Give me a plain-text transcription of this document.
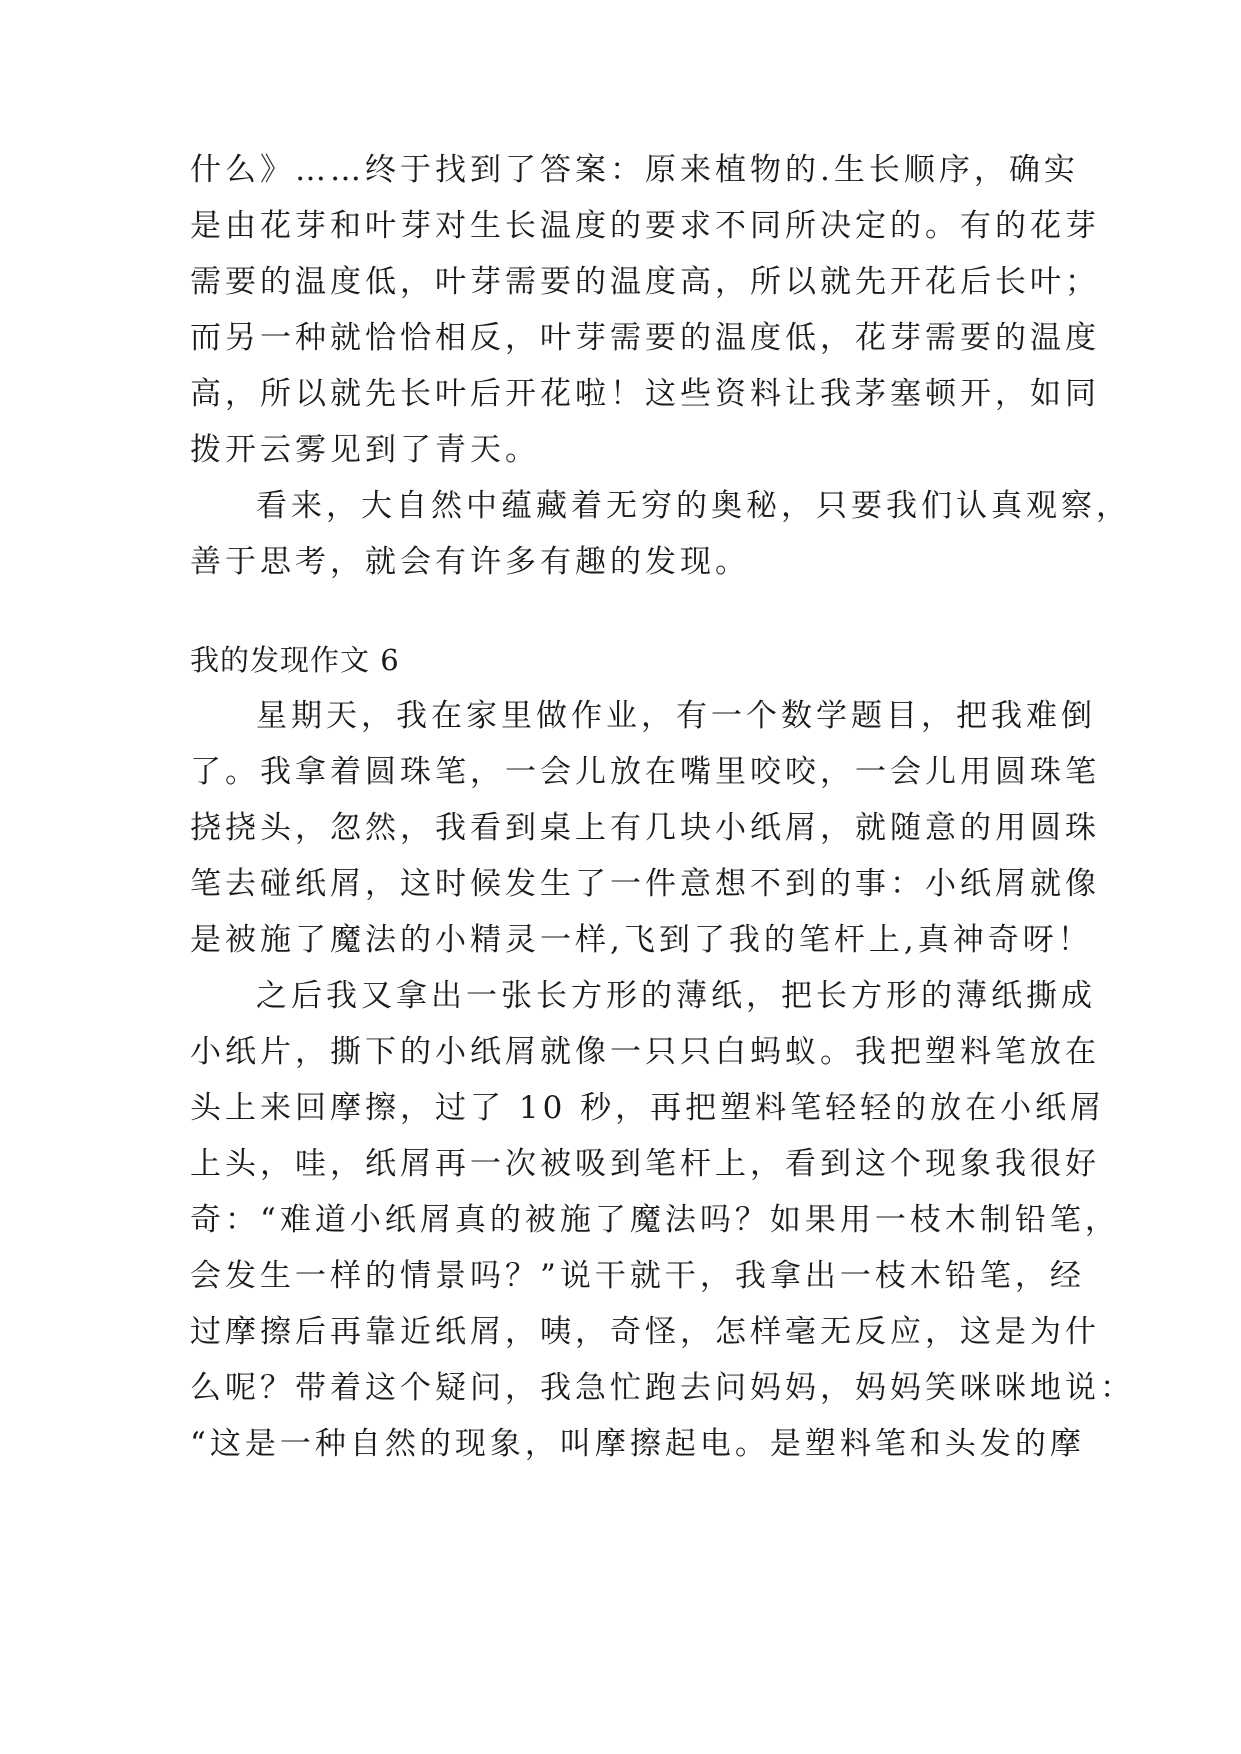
什么》……终于找到了答案：原来植物的.生长顺序，确实
是由花芽和叶芽对生长温度的要求不同所决定的。有的花芽
需要的温度低，叶芽需要的温度高，所以就先开花后长叶；
而另一种就恰恰相反，叶芽需要的温度低，花芽需要的温度
高，所以就先长叶后开花啦！这些资料让我茅塞顿开，如同
拨开云雾见到了青天。
看来，大自然中蕴藏着无穷的奥秘，只要我们认真观察，
善于思考，就会有许多有趣的发现。
我的发现作文 6
星期天，我在家里做作业，有一个数学题目，把我难倒
了。我拿着圆珠笔，一会儿放在嘴里咬咬，一会儿用圆珠笔
挠挠头，忽然，我看到桌上有几块小纸屑，就随意的用圆珠
笔去碰纸屑，这时候发生了一件意想不到的事：小纸屑就像
是被施了魔法的小精灵一样,飞到了我的笔杆上,真神奇呀！
之后我又拿出一张长方形的薄纸，把长方形的薄纸撕成
小纸片，撕下的小纸屑就像一只只白蚂蚁。我把塑料笔放在
头上来回摩擦，过了 10 秒，再把塑料笔轻轻的放在小纸屑
上头，哇，纸屑再一次被吸到笔杆上，看到这个现象我很好
奇：“难道小纸屑真的被施了魔法吗？如果用一枝木制铅笔，
会发生一样的情景吗？”说干就干，我拿出一枝木铅笔，经
过摩擦后再靠近纸屑，咦，奇怪，怎样毫无反应，这是为什
么呢？带着这个疑问，我急忙跑去问妈妈，妈妈笑咪咪地说：
“这是一种自然的现象，叫摩擦起电。是塑料笔和头发的摩
